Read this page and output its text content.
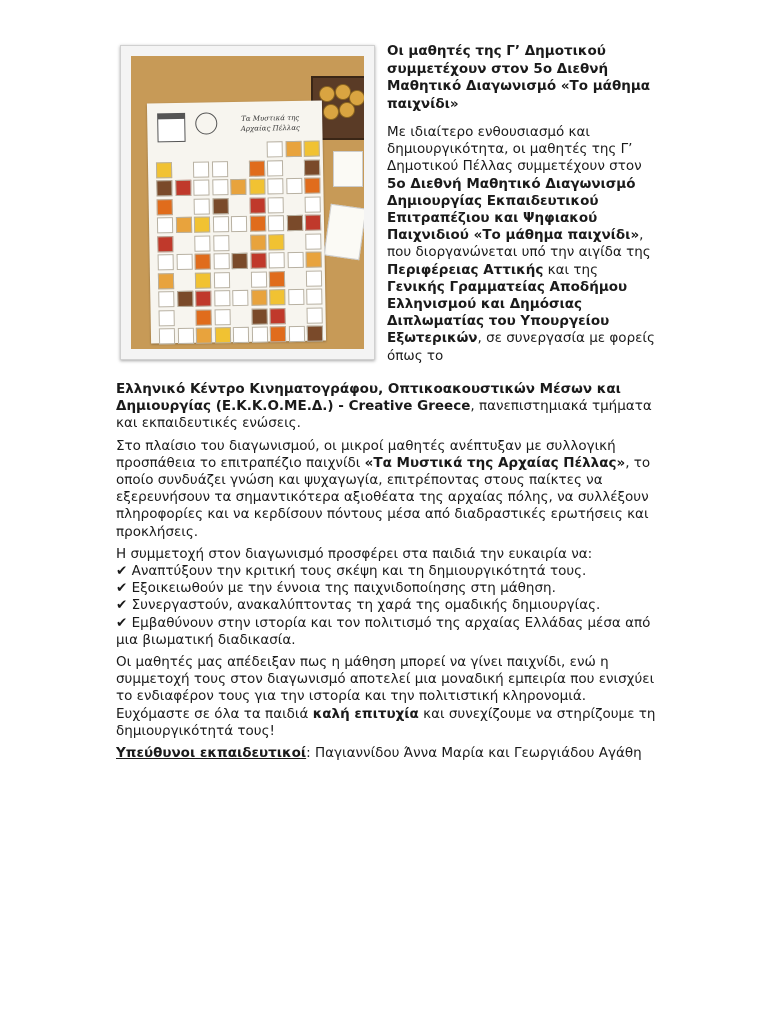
Τα Μυστικά της
Αρχαίας Πέλλας
Οι μαθητές της Γ’ Δημοτικού συμμετέχουν στον 5ο Διεθνή Μαθητικό Διαγωνισμό «Το μάθημα παιχνίδι»

Με ιδιαίτερο ενθουσιασμό και δημιουργικότητα, οι μαθητές της Γ’ Δημοτικού Πέλλας συμμετέχουν στον 5ο Διεθνή Μαθητικό Διαγωνισμό Δημιουργίας Εκπαιδευτικού Επιτραπέζιου και Ψηφιακού Παιχνιδιού «Το μάθημα παιχνίδι», που διοργανώνεται υπό την αιγίδα της Περιφέρειας Αττικής και της Γενικής Γραμματείας Αποδήμου Ελληνισμού και Δημόσιας Διπλωματίας του Υπουργείου Εξωτερικών, σε συνεργασία με φορείς όπως το

Ελληνικό Κέντρο Κινηματογράφου, Οπτικοακουστικών Μέσων και Δημιουργίας (Ε.Κ.Κ.Ο.ΜΕ.Δ.) - Creative Greece, πανεπιστημιακά τμήματα και εκπαιδευτικές ενώσεις.

Στο πλαίσιο του διαγωνισμού, οι μικροί μαθητές ανέπτυξαν με συλλογική προσπάθεια το επιτραπέζιο παιχνίδι «Τα Μυστικά της Αρχαίας Πέλλας», το οποίο συνδυάζει γνώση και ψυχαγωγία, επιτρέποντας στους παίκτες να εξερευνήσουν τα σημαντικότερα αξιοθέατα της αρχαίας πόλης, να συλλέξουν πληροφορίες και να κερδίσουν πόντους μέσα από διαδραστικές ερωτήσεις και προκλήσεις.

Η συμμετοχή στον διαγωνισμό προσφέρει στα παιδιά την ευκαιρία να:
✔ Αναπτύξουν την κριτική τους σκέψη και τη δημιουργικότητά τους.
✔ Εξοικειωθούν με την έννοια της παιχνιδοποίησης στη μάθηση.
✔ Συνεργαστούν, ανακαλύπτοντας τη χαρά της ομαδικής δημιουργίας.
✔ Εμβαθύνουν στην ιστορία και τον πολιτισμό της αρχαίας Ελλάδας μέσα από μια βιωματική διαδικασία.

Οι μαθητές μας απέδειξαν πως η μάθηση μπορεί να γίνει παιχνίδι, ενώ η συμμετοχή τους στον διαγωνισμό αποτελεί μια μοναδική εμπειρία που ενισχύει το ενδιαφέρον τους για την ιστορία και την πολιτιστική κληρονομιά. Ευχόμαστε σε όλα τα παιδιά καλή επιτυχία και συνεχίζουμε να στηρίζουμε τη δημιουργικότητά τους!

Υπεύθυνοι εκπαιδευτικοί: Παγιαννίδου Άννα Μαρία και Γεωργιάδου Αγάθη
